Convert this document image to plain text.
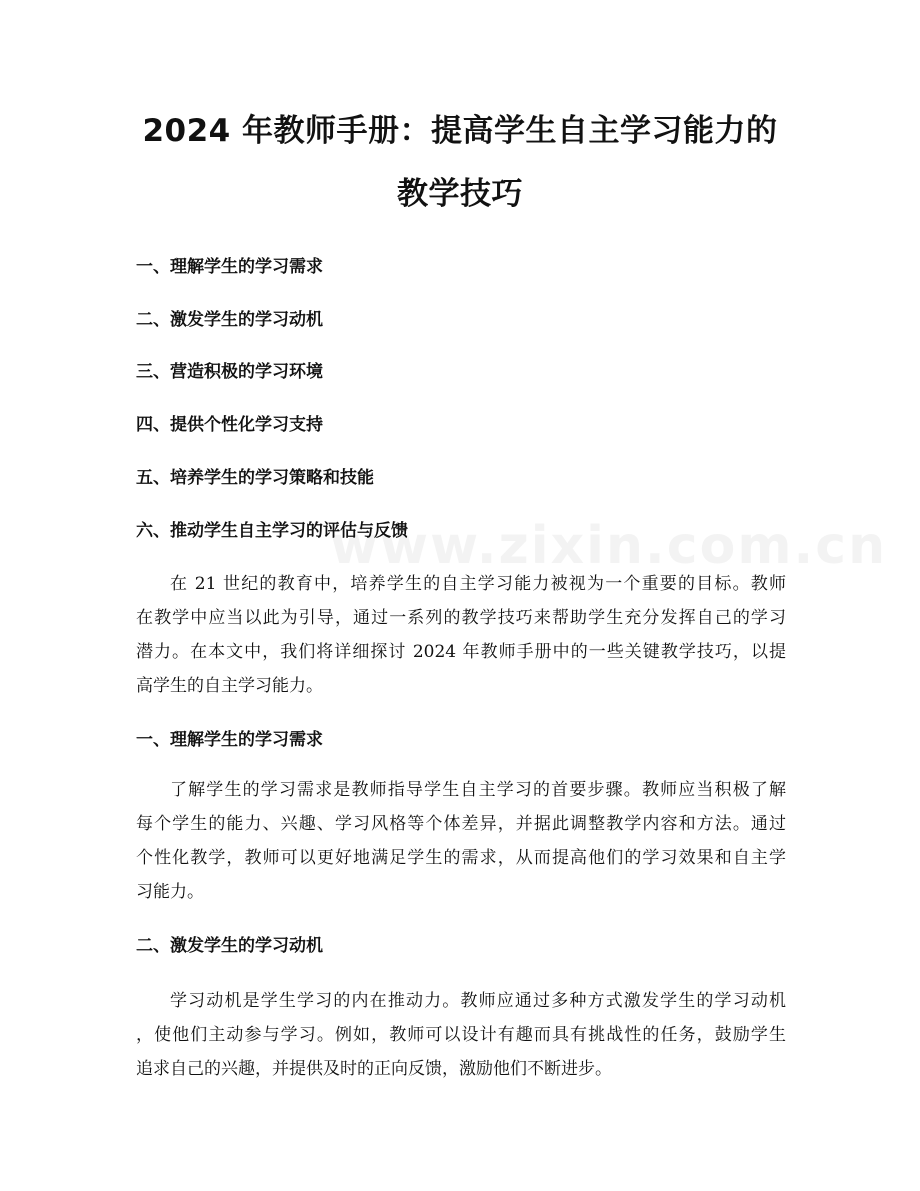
www.zixin.com.cn
2024 年教师手册：提高学生自主学习能力的
教学技巧

一、理解学生的学习需求

二、激发学生的学习动机

三、营造积极的学习环境

四、提供个性化学习支持

五、培养学生的学习策略和技能

六、推动学生自主学习的评估与反馈

在 21 世纪的教育中，培养学生的自主学习能力被视为一个重要的目标。教师
在教学中应当以此为引导，通过一系列的教学技巧来帮助学生充分发挥自己的学习
潜力。在本文中，我们将详细探讨 2024 年教师手册中的一些关键教学技巧，以提
高学生的自主学习能力。
一、理解学生的学习需求
了解学生的学习需求是教师指导学生自主学习的首要步骤。教师应当积极了解
每个学生的能力、兴趣、学习风格等个体差异，并据此调整教学内容和方法。通过
个性化教学，教师可以更好地满足学生的需求，从而提高他们的学习效果和自主学
习能力。
二、激发学生的学习动机
学习动机是学生学习的内在推动力。教师应通过多种方式激发学生的学习动机
，使他们主动参与学习。例如，教师可以设计有趣而具有挑战性的任务，鼓励学生
追求自己的兴趣，并提供及时的正向反馈，激励他们不断进步。
